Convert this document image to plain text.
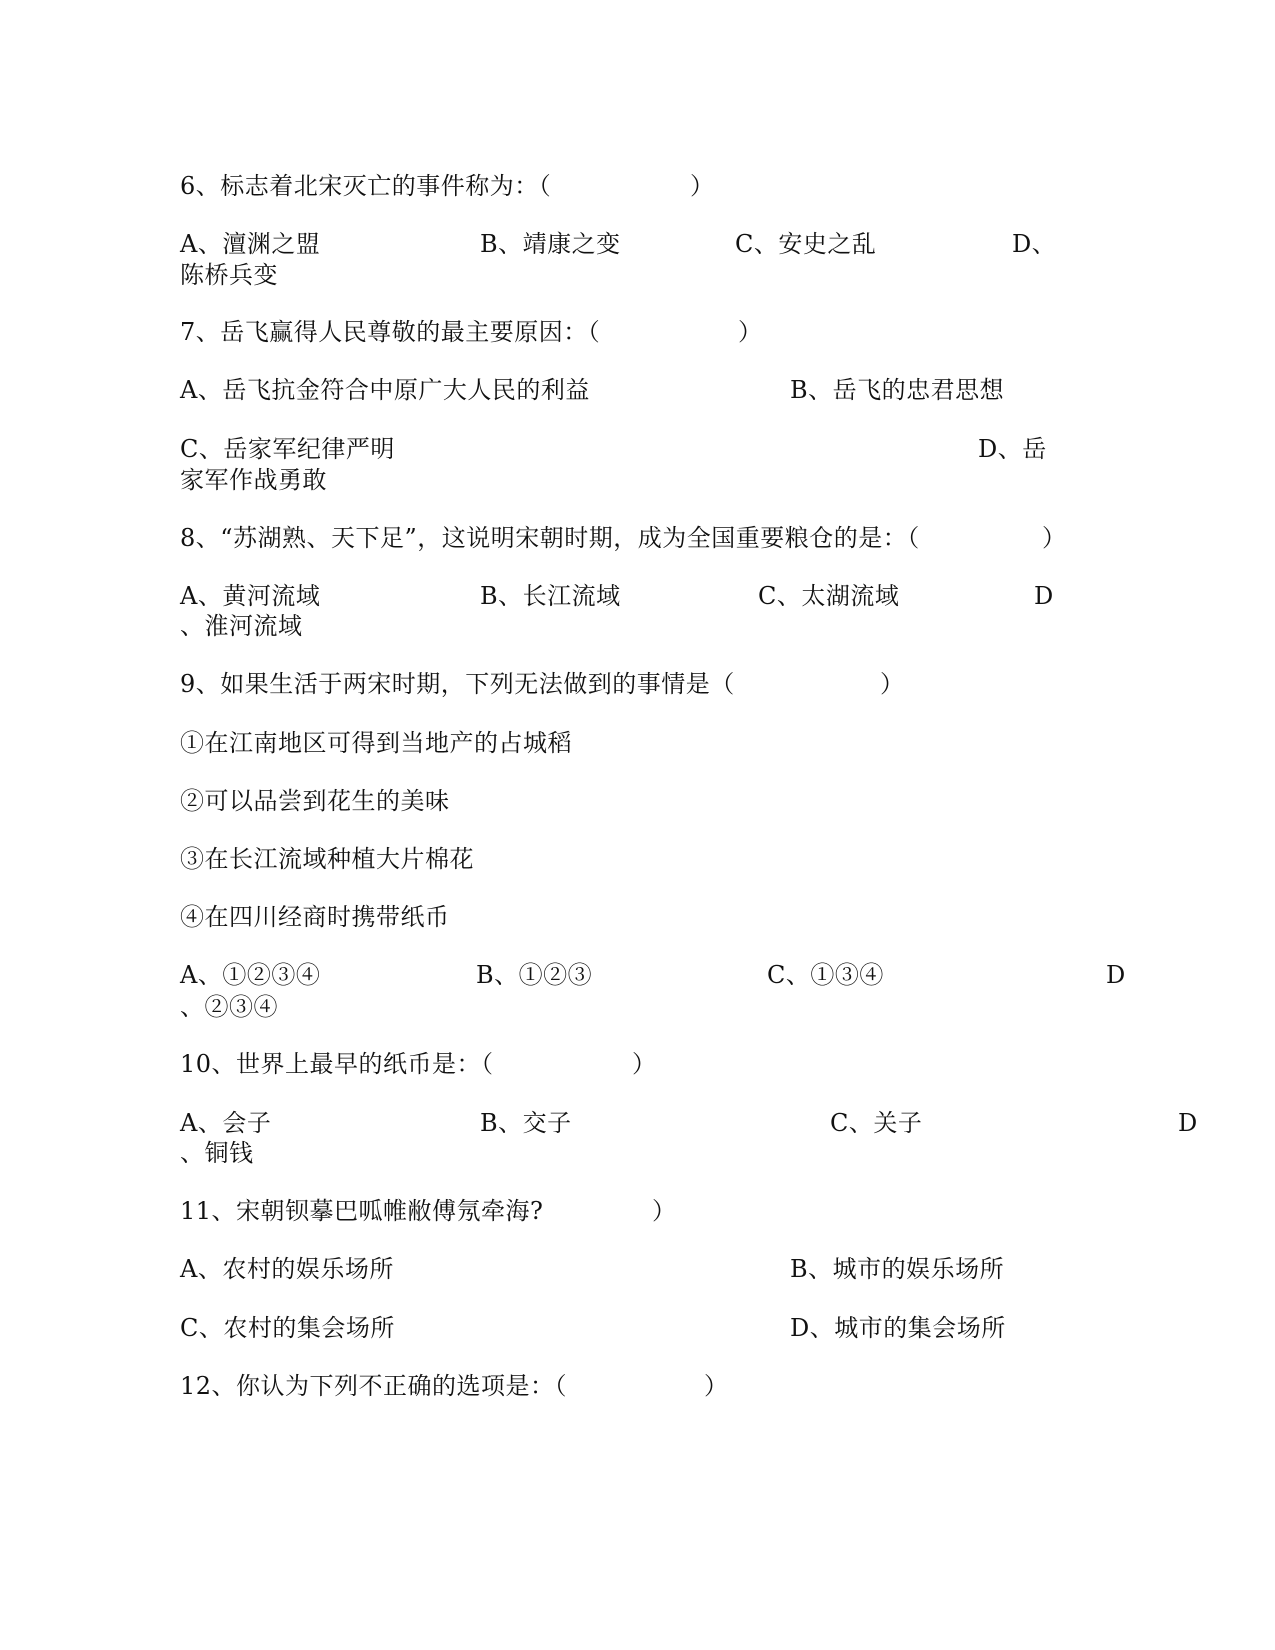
6、标志着北宋灭亡的事件称为：（	）
A、澶渊之盟	B、靖康之变	C、安史之乱	D、
陈桥兵变
7、岳飞赢得人民尊敬的最主要原因：（	）
A、岳飞抗金符合中原广大人民的利益	B、岳飞的忠君思想
C、岳家军纪律严明	D、岳
家军作战勇敢
8、“苏湖熟、天下足”，这说明宋朝时期，成为全国重要粮仓的是：（	）
A、黄河流域	B、长江流域	C、太湖流域	D
、淮河流域
9、如果生活于两宋时期，下列无法做到的事情是（	）
①在江南地区可得到当地产的占城稻
②可以品尝到花生的美味
③在长江流域种植大片棉花
④在四川经商时携带纸币
A、①②③④	B、①②③	C、①③④	D
、②③④
10、世界上最早的纸币是：（	）
A、会子	B、交子	C、关子	D
、铜钱
11、宋朝钡摹巴呱帷敝傅氖牵海?	）
A、农村的娱乐场所	B、城市的娱乐场所
C、农村的集会场所	D、城市的集会场所
12、你认为下列不正确的选项是：（	）
